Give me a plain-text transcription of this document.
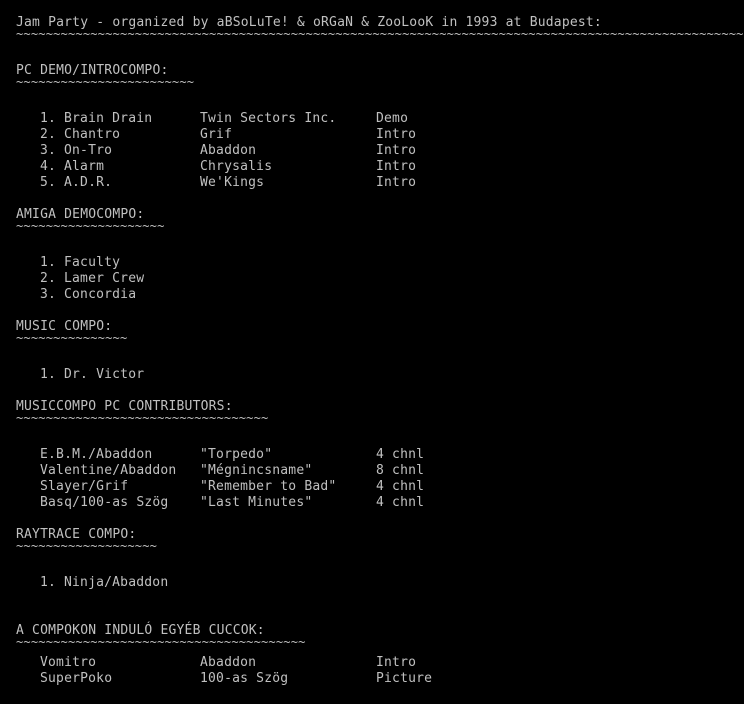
Jam Party - organized by aBSoLuTe! & oRGaN & ZooLooK in 1993 at Budapest:
~~~~~~~~~~~~~~~~~~~~~~~~~~~~~~~~~~~~~~~~~~~~~~~~~~~~~~~~~~~~~~~~~~~~~~~~~~~~~~~~~~~~~~~~~~~~~~~~~~
PC DEMO/INTROCOMPO:
~~~~~~~~~~~~~~~~~~~~~~~~
1. Brain Drain	Twin Sectors Inc.	Demo
2. Chantro	Grif	Intro
3. On-Tro	Abaddon	Intro
4. Alarm	Chrysalis	Intro
5. A.D.R.	We'Kings	Intro
AMIGA DEMOCOMPO:
~~~~~~~~~~~~~~~~~~~~
1. Faculty
2. Lamer Crew
3. Concordia
MUSIC COMPO:
~~~~~~~~~~~~~~~
1. Dr. Victor
MUSICCOMPO PC CONTRIBUTORS:
~~~~~~~~~~~~~~~~~~~~~~~~~~~~~~~~~~
E.B.M./Abaddon	"Torpedo"	4 chnl
Valentine/Abaddon "Mégnincsname"	8 chnl
Slayer/Grif	"Remember to Bad"	4 chnl
Basq/100-as Szög "Last Minutes"	4 chnl
RAYTRACE COMPO:
~~~~~~~~~~~~~~~~~~~
1. Ninja/Abaddon
A COMPOKON INDULÓ EGYÉB CUCCOK:
~~~~~~~~~~~~~~~~~~~~~~~~~~~~~~~~~~~~~~~
Vomitro	Abaddon	Intro
SuperPoko	100-as Szög	Picture
